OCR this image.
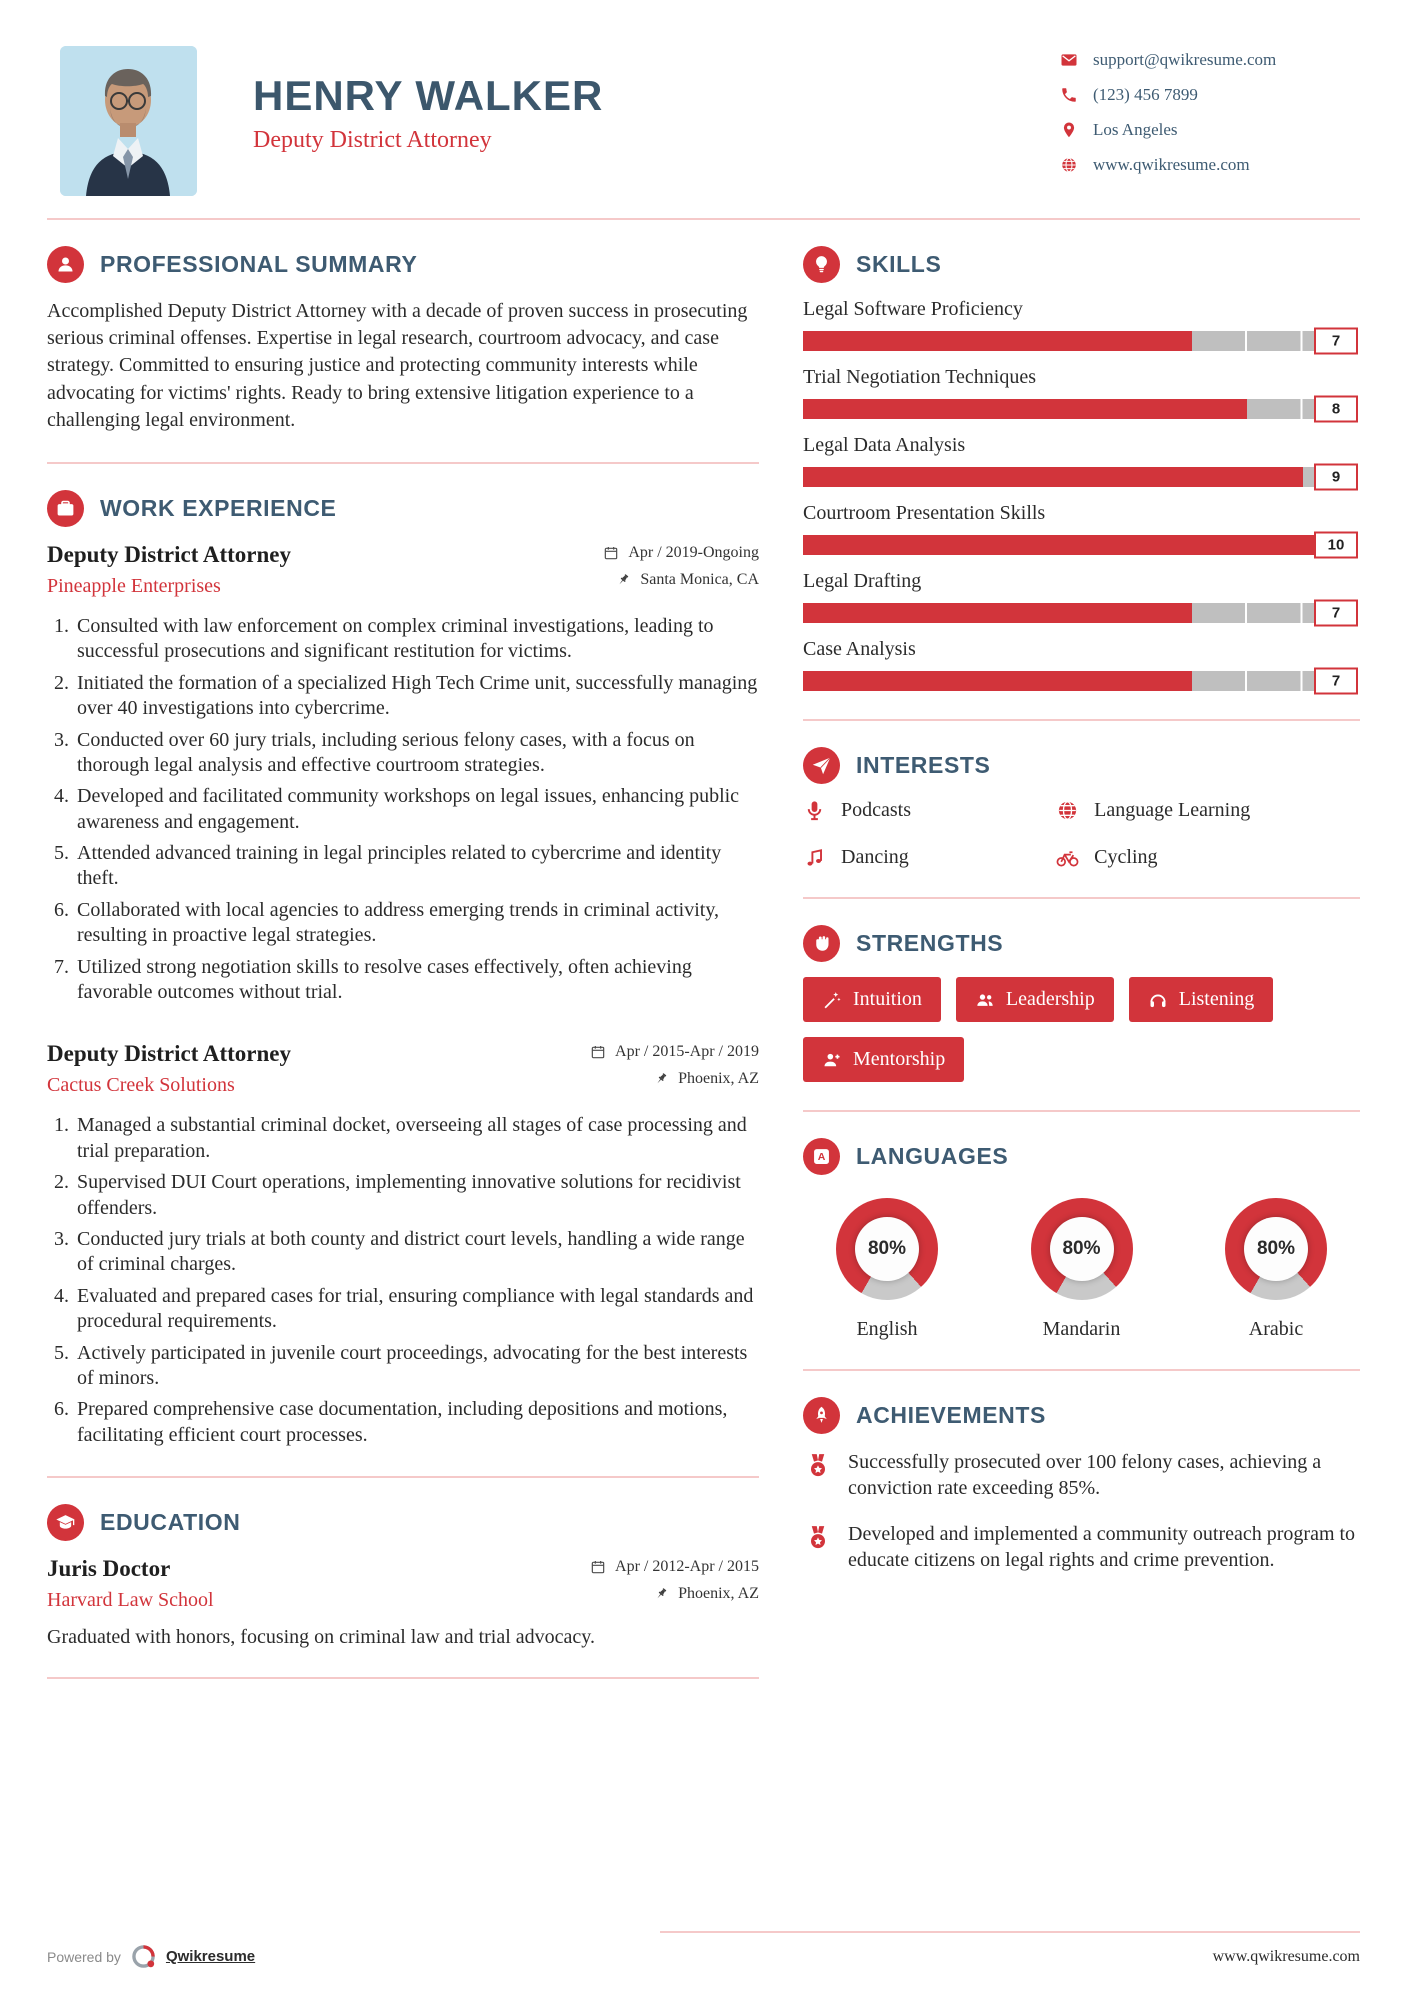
HENRY WALKER
Deputy District Attorney
support@qwikresume.com
(123) 456 7899
Los Angeles
www.qwikresume.com
PROFESSIONAL SUMMARY

Accomplished Deputy District Attorney with a decade of proven success in prosecuting serious criminal offenses. Expertise in legal research, courtroom advocacy, and case strategy. Committed to ensuring justice and protecting community interests while advocating for victims' rights. Ready to bring extensive litigation experience to a challenging legal environment.

WORK EXPERIENCE
Deputy District Attorney
Pineapple Enterprises
Apr / 2019-Ongoing
Santa Monica, CA
1. Consulted with law enforcement on complex criminal investigations, leading to successful prosecutions and significant restitution for victims.
2. Initiated the formation of a specialized High Tech Crime unit, successfully managing over 40 investigations into cybercrime.
3. Conducted over 60 jury trials, including serious felony cases, with a focus on thorough legal analysis and effective courtroom strategies.
4. Developed and facilitated community workshops on legal issues, enhancing public awareness and engagement.
5. Attended advanced training in legal principles related to cybercrime and identity theft.
6. Collaborated with local agencies to address emerging trends in criminal activity, resulting in proactive legal strategies.
7. Utilized strong negotiation skills to resolve cases effectively, often achieving favorable outcomes without trial.
Deputy District Attorney
Cactus Creek Solutions
Apr / 2015-Apr / 2019
Phoenix, AZ
1. Managed a substantial criminal docket, overseeing all stages of case processing and trial preparation.
2. Supervised DUI Court operations, implementing innovative solutions for recidivist offenders.
3. Conducted jury trials at both county and district court levels, handling a wide range of criminal charges.
4. Evaluated and prepared cases for trial, ensuring compliance with legal standards and procedural requirements.
5. Actively participated in juvenile court proceedings, advocating for the best interests of minors.
6. Prepared comprehensive case documentation, including depositions and motions, facilitating efficient court processes.
EDUCATION
Juris Doctor
Harvard Law School
Apr / 2012-Apr / 2015
Phoenix, AZ

Graduated with honors, focusing on criminal law and trial advocacy.

SKILLS
Legal Software Proficiency
7
Trial Negotiation Techniques
8
Legal Data Analysis
9
Courtroom Presentation Skills
10
Legal Drafting
7
Case Analysis
7
INTERESTS
Podcasts	Language Learning
Dancing	Cycling
STRENGTHS
Intuition	Leadership	Listening
Mentorship
A LANGUAGES
80%
English
80%
Mandarin
80%
Arabic
ACHIEVEMENTS

Successfully prosecuted over 100 felony cases, achieving a conviction rate exceeding 85%.

Developed and implemented a community outreach program to educate citizens on legal rights and crime prevention.

Powered by	Qwikresume	www.qwikresume.com
